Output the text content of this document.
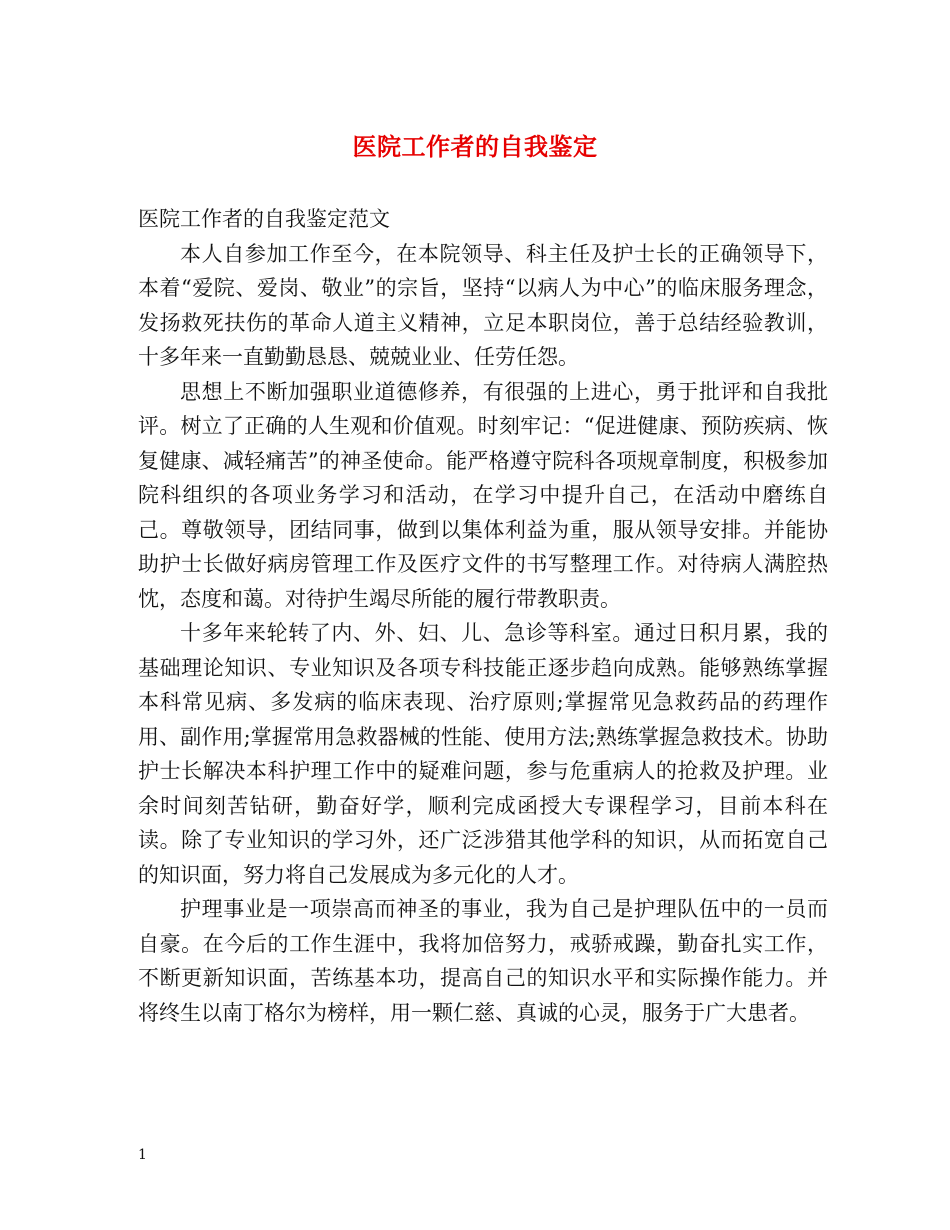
医院工作者的自我鉴定

医院工作者的自我鉴定范文

本人自参加工作至今，在本院领导、科主任及护士长的正确领导下，本着“爱院、爱岗、敬业”的宗旨，坚持“以病人为中心”的临床服务理念，发扬救死扶伤的革命人道主义精神，立足本职岗位，善于总结经验教训，十多年来一直勤勤恳恳、兢兢业业、任劳任怨。

思想上不断加强职业道德修养，有很强的上进心，勇于批评和自我批评。树立了正确的人生观和价值观。时刻牢记：“促进健康、预防疾病、恢复健康、减轻痛苦”的神圣使命。能严格遵守院科各项规章制度，积极参加院科组织的各项业务学习和活动，在学习中提升自己，在活动中磨练自己。尊敬领导，团结同事，做到以集体利益为重，服从领导安排。并能协助护士长做好病房管理工作及医疗文件的书写整理工作。对待病人满腔热忱，态度和蔼。对待护生竭尽所能的履行带教职责。

十多年来轮转了内、外、妇、儿、急诊等科室。通过日积月累，我的基础理论知识、专业知识及各项专科技能正逐步趋向成熟。能够熟练掌握本科常见病、多发病的临床表现、治疗原则;掌握常见急救药品的药理作用、副作用;掌握常用急救器械的性能、使用方法;熟练掌握急救技术。协助护士长解决本科护理工作中的疑难问题，参与危重病人的抢救及护理。业余时间刻苦钻研，勤奋好学，顺利完成函授大专课程学习，目前本科在读。除了专业知识的学习外，还广泛涉猎其他学科的知识，从而拓宽自己的知识面，努力将自己发展成为多元化的人才。

护理事业是一项崇高而神圣的事业，我为自己是护理队伍中的一员而自豪。在今后的工作生涯中，我将加倍努力，戒骄戒躁，勤奋扎实工作，不断更新知识面，苦练基本功，提高自己的知识水平和实际操作能力。并将终生以南丁格尔为榜样，用一颗仁慈、真诚的心灵，服务于广大患者。

1
